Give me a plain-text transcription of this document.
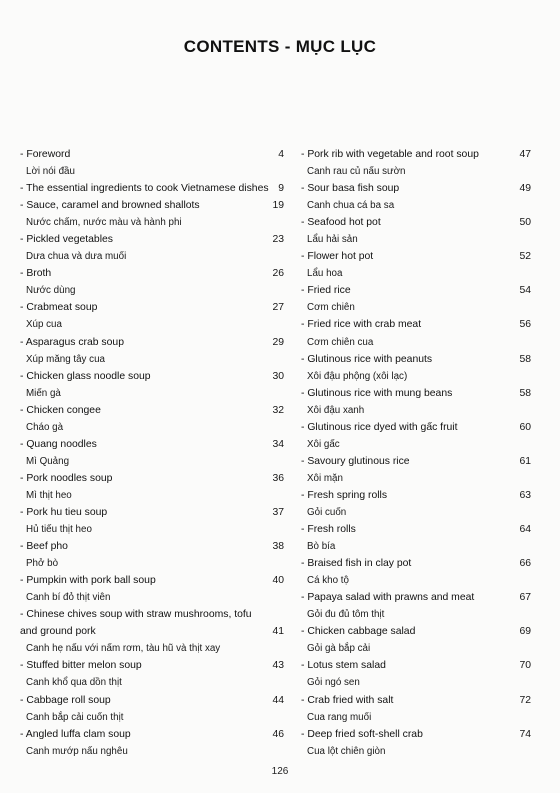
CONTENTS - MỤC LỤC
- Foreword	4
Lời nói đầu
- The essential ingredients to cook Vietnamese dishes 9
- Sauce, caramel and browned shallots	19
Nước chấm, nước màu và hành phi
- Pickled vegetables	23
Dưa chua và dưa muối
- Broth	26
Nước dùng
- Crabmeat soup	27
Xúp cua
- Asparagus crab soup	29
Xúp măng tây cua
- Chicken glass noodle soup	30
Miến gà
- Chicken congee	32
Cháo gà
- Quang noodles	34
Mì Quảng
- Pork noodles soup	36
Mì thịt heo
- Pork hu tieu soup	37
Hủ tiếu thịt heo
- Beef pho	38
Phở bò
- Pumpkin with pork ball soup	40
Canh bí đỏ thịt viên
- Chinese chives soup with straw mushrooms, tofu
and ground pork	41
Canh hẹ nấu với nấm rơm, tàu hũ và thịt xay
- Stuffed bitter melon soup	43
Canh khổ qua dồn thịt
- Cabbage roll soup	44
Canh bắp cải cuốn thịt
- Angled luffa clam soup	46
Canh mướp nấu nghêu
- Pork rib with vegetable and root soup	47
Canh rau củ nấu sườn
- Sour basa fish soup	49
Canh chua cá ba sa
- Seafood hot pot	50
Lẩu hải sản
- Flower hot pot	52
Lẩu hoa
- Fried rice	54
Cơm chiên
- Fried rice with crab meat	56
Cơm chiên cua
- Glutinous rice with peanuts	58
Xôi đậu phộng (xôi lạc)
- Glutinous rice with mung beans	58
Xôi đậu xanh
- Glutinous rice dyed with gấc fruit	60
Xôi gấc
- Savoury glutinous rice	61
Xôi mặn
- Fresh spring rolls	63
Gỏi cuốn
- Fresh rolls	64
Bò bía
- Braised fish in clay pot	66
Cá kho tộ
- Papaya salad with prawns and meat	67
Gỏi đu đủ tôm thịt
- Chicken cabbage salad	69
Gỏi gà bắp cải
- Lotus stem salad	70
Gỏi ngó sen
- Crab fried with salt	72
Cua rang muối
- Deep fried soft-shell crab	74
Cua lột chiên giòn
126
